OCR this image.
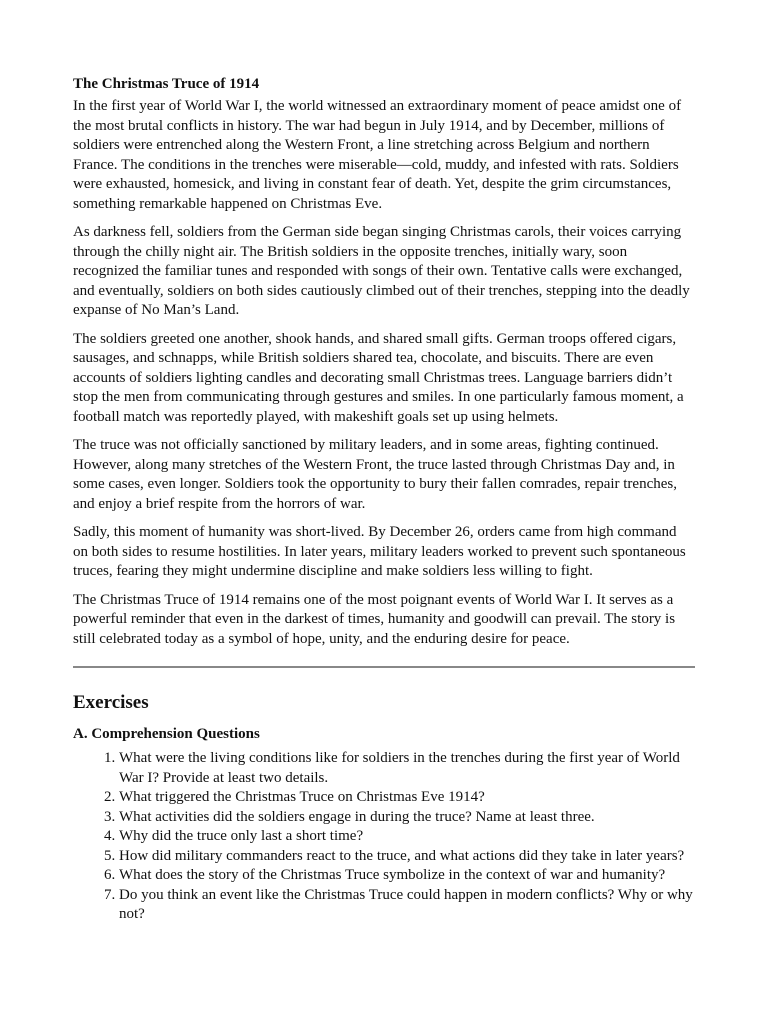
The Christmas Truce of 1914

In the first year of World War I, the world witnessed an extraordinary moment of peace amidst one of the most brutal conflicts in history. The war had begun in July 1914, and by December, millions of soldiers were entrenched along the Western Front, a line stretching across Belgium and northern France. The conditions in the trenches were miserable—cold, muddy, and infested with rats. Soldiers were exhausted, homesick, and living in constant fear of death. Yet, despite the grim circumstances, something remarkable happened on Christmas Eve.

As darkness fell, soldiers from the German side began singing Christmas carols, their voices carrying through the chilly night air. The British soldiers in the opposite trenches, initially wary, soon recognized the familiar tunes and responded with songs of their own. Tentative calls were exchanged, and eventually, soldiers on both sides cautiously climbed out of their trenches, stepping into the deadly expanse of No Man’s Land.

The soldiers greeted one another, shook hands, and shared small gifts. German troops offered cigars, sausages, and schnapps, while British soldiers shared tea, chocolate, and biscuits. There are even accounts of soldiers lighting candles and decorating small Christmas trees. Language barriers didn’t stop the men from communicating through gestures and smiles. In one particularly famous moment, a football match was reportedly played, with makeshift goals set up using helmets.

The truce was not officially sanctioned by military leaders, and in some areas, fighting continued. However, along many stretches of the Western Front, the truce lasted through Christmas Day and, in some cases, even longer. Soldiers took the opportunity to bury their fallen comrades, repair trenches, and enjoy a brief respite from the horrors of war.

Sadly, this moment of humanity was short-lived. By December 26, orders came from high command on both sides to resume hostilities. In later years, military leaders worked to prevent such spontaneous truces, fearing they might undermine discipline and make soldiers less willing to fight.

The Christmas Truce of 1914 remains one of the most poignant events of World War I. It serves as a powerful reminder that even in the darkest of times, humanity and goodwill can prevail. The story is still celebrated today as a symbol of hope, unity, and the enduring desire for peace.

Exercises
A. Comprehension Questions
1. What were the living conditions like for soldiers in the trenches during the first year of World War I? Provide at least two details.
2. What triggered the Christmas Truce on Christmas Eve 1914?
3. What activities did the soldiers engage in during the truce? Name at least three.
4. Why did the truce only last a short time?
5. How did military commanders react to the truce, and what actions did they take in later years?
6. What does the story of the Christmas Truce symbolize in the context of war and humanity?
7. Do you think an event like the Christmas Truce could happen in modern conflicts? Why or why not?
